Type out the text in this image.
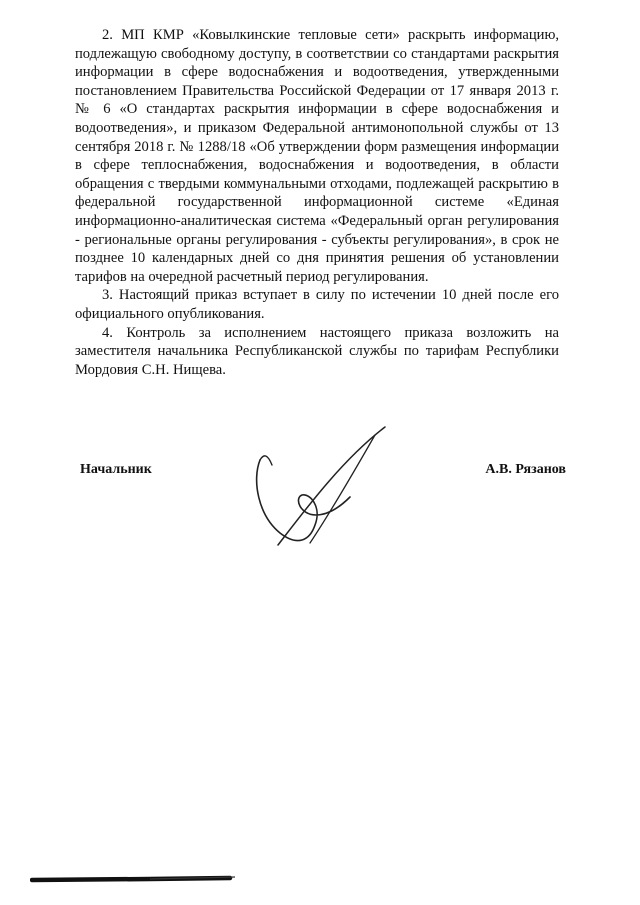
2. МП КМР «Ковылкинские тепловые сети» раскрыть информацию, подлежащую свободному доступу, в соответствии со стандартами раскрытия информации в сфере водоснабжения и водоотведения, утвержденными постановлением Правительства Российской Федерации от 17 января 2013 г. № 6 «О стандартах раскрытия информации в сфере водоснабжения и водоотведения», и приказом Федеральной антимонопольной службы от 13 сентября 2018 г. № 1288/18 «Об утверждении форм размещения информации в сфере теплоснабжения, водоснабжения и водоотведения, в области обращения с твердыми коммунальными отходами, подлежащей раскрытию в федеральной государственной информационной системе «Единая информационно-аналитическая система «Федеральный орган регулирования - региональные органы регулирования - субъекты регулирования», в срок не позднее 10 календарных дней со дня принятия решения об установлении тарифов на очередной расчетный период регулирования.

3. Настоящий приказ вступает в силу по истечении 10 дней после его официального опубликования.

4. Контроль за исполнением настоящего приказа возложить на заместителя начальника Республиканской службы по тарифам Республики Мордовия С.Н. Нищева.

Начальник	А.В. Рязанов
